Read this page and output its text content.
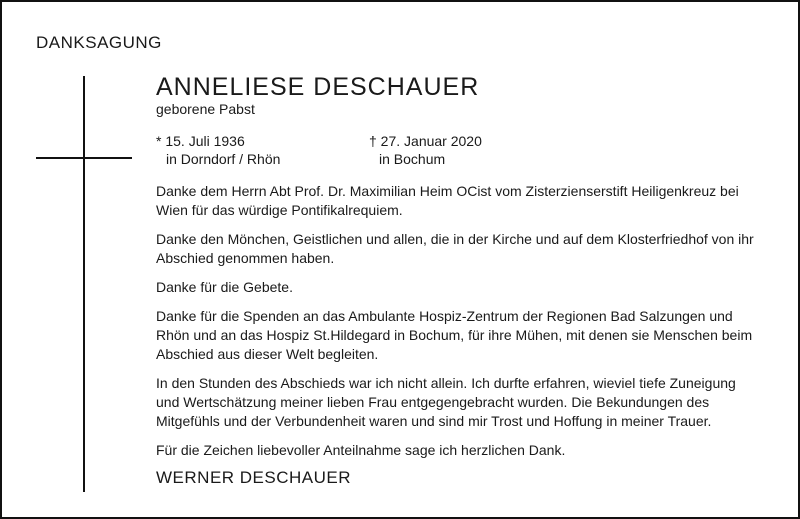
DANKSAGUNG
ANNELIESE DESCHAUER
geborene Pabst
* 15. Juli 1936
in Dorndorf / Rhön
† 27. Januar 2020
in Bochum
Danke dem Herrn Abt Prof. Dr. Maximilian Heim OCist vom Zisterzienserstift Heiligenkreuz bei Wien für das würdige Pontifikalrequiem.
Danke den Mönchen, Geistlichen und allen, die in der Kirche und auf dem Klosterfriedhof von ihr Abschied genommen haben.
Danke für die Gebete.
Danke für die Spenden an das Ambulante Hospiz-Zentrum der Regionen Bad Salzungen und Rhön und an das Hospiz St.Hildegard in Bochum, für ihre Mühen, mit denen sie Menschen beim Abschied aus dieser Welt begleiten.
In den Stunden des Abschieds war ich nicht allein. Ich durfte erfahren, wieviel tiefe Zuneigung und Wertschätzung meiner lieben Frau entgegengebracht wurden. Die Bekundungen des Mitgefühls und der Verbundenheit waren und sind mir Trost und Hoffung in meiner Trauer.
Für die Zeichen liebevoller Anteilnahme sage ich herzlichen Dank.
WERNER DESCHAUER
